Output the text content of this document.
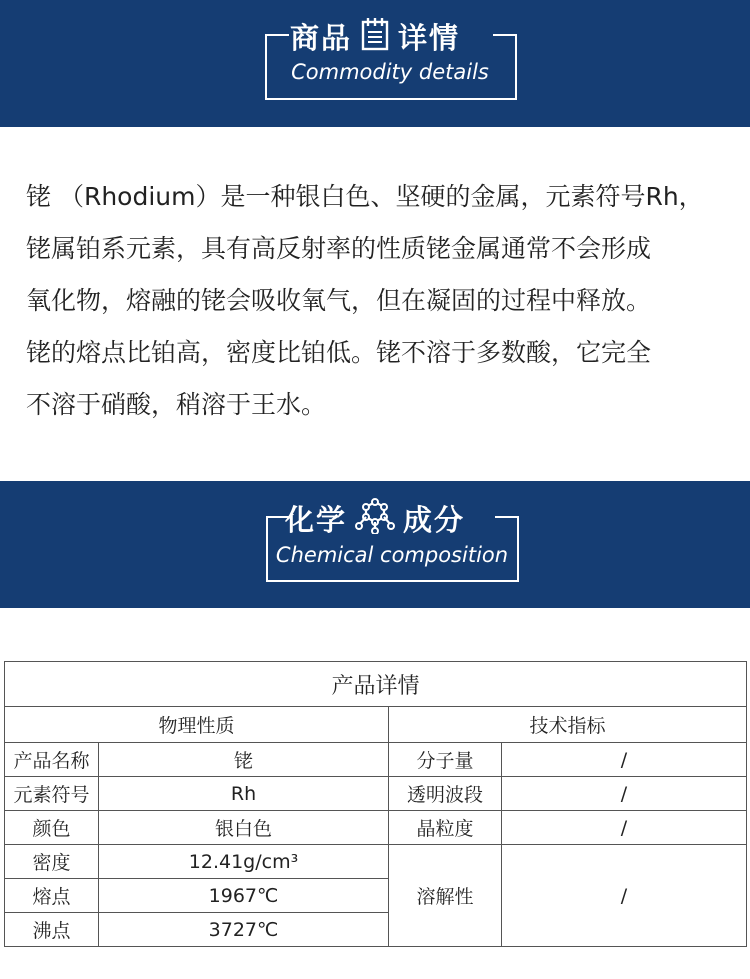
商品 详情
Commodity details
铑 （Rhodium）是一种银白色、坚硬的金属，元素符号Rh，
铑属铂系元素，具有高反射率的性质铑金属通常不会形成
氧化物，熔融的铑会吸收氧气，但在凝固的过程中释放。
铑的熔点比铂高，密度比铂低。铑不溶于多数酸，它完全
不溶于硝酸，稍溶于王水。
化学 成分
Chemical composition
产品详情			
物理性质		技术指标	
产品名称	铑	分子量	/
元素符号	Rh	透明波段	/
颜色	银白色	晶粒度	/
密度	12.41g/cm³	溶解性	/
熔点	1967℃		
沸点	3727℃		
